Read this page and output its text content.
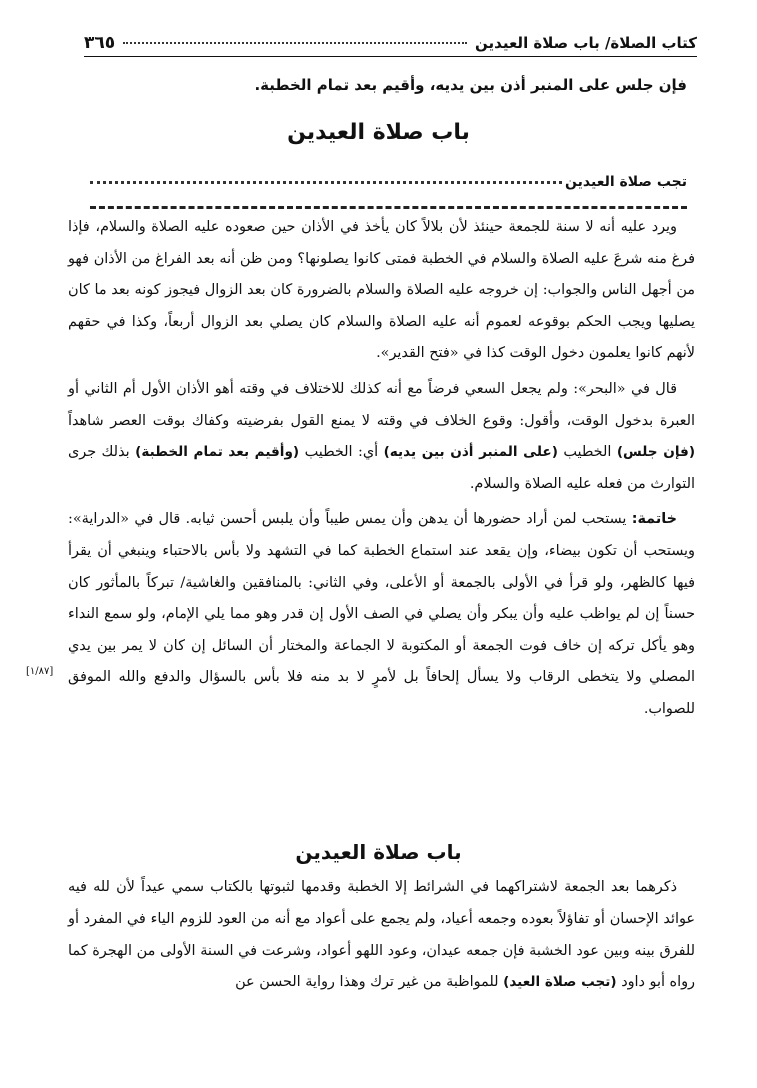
كتاب الصلاة/ باب صلاة العيدين
٣٦٥
فإن جلس على المنبر أذن بين يديه، وأقيم بعد تمام الخطبة.
باب صلاة العيدين
تجب صلاة العيدين

ويرد عليه أنه لا سنة للجمعة حينئذ لأن بلالاً كان يأخذ في الأذان حين صعوده عليه الصلاة والسلام، فإذا فرغ منه شرعَ عليه الصلاة والسلام في الخطبة فمتى كانوا يصلونها؟ ومن ظن أنه بعد الفراغ من الأذان فهو من أجهل الناس والجواب: إن خروجه عليه الصلاة والسلام بالضرورة كان بعد الزوال فيجوز كونه بعد ما كان يصليها ويجب الحكم بوقوعه لعموم أنه عليه الصلاة والسلام كان يصلي بعد الزوال أربعاً، وكذا في حقهم لأنهم كانوا يعلمون دخول الوقت كذا في «فتح القدير».

قال في «البحر»: ولم يجعل السعي فرضاً مع أنه كذلك للاختلاف في وقته أهو الأذان الأول أم الثاني أو العبرة بدخول الوقت، وأقول: وقوع الخلاف في وقته لا يمنع القول بفرضيته وكفاك بوقت العصر شاهداً (فإن جلس) الخطيب (على المنبر أذن بين يديه) أي: الخطيب (وأقيم بعد تمام الخطبة) بذلك جرى التوارث من فعله عليه الصلاة والسلام.

خاتمة: يستحب لمن أراد حضورها أن يدهن وأن يمس طيباً وأن يلبس أحسن ثيابه. قال في «الدراية»: ويستحب أن تكون بيضاء، وإن يقعد عند استماع الخطبة كما في التشهد ولا بأس بالاحتباء وينبغي أن يقرأ فيها كالظهر، ولو قرأ في الأولى بالجمعة أو الأعلى، وفي الثاني: بالمنافقين والغاشية/ تبركاً بالمأثور كان حسناً إن لم يواظب عليه وأن يبكر وأن يصلي في الصف الأول إن قدر وهو مما يلي الإمام، ولو سمع النداء وهو يأكل تركه إن خاف فوت الجمعة أو المكتوبة لا الجماعة والمختار أن السائل إن كان لا يمر بين يدي المصلي ولا يتخطى الرقاب ولا يسأل إلحافاً بل لأمرٍ لا بد منه فلا بأس بالسؤال والدفع والله الموفق للصواب.

[١/٨٧]
باب صلاة العيدين

ذكرهما بعد الجمعة لاشتراكهما في الشرائط إلا الخطبة وقدمها لثبوتها بالكتاب سمي عيداً لأن لله فيه عوائد الإحسان أو تفاؤلاً بعوده وجمعه أعياد، ولم يجمع على أعواد مع أنه من العود للزوم الياء في المفرد أو للفرق بينه وبين عود الخشبة فإن جمعه عيدان، وعود اللهو أعواد، وشرعت في السنة الأولى من الهجرة كما رواه أبو داود (تجب صلاة العيد) للمواظبة من غير ترك وهذا رواية الحسن عن
